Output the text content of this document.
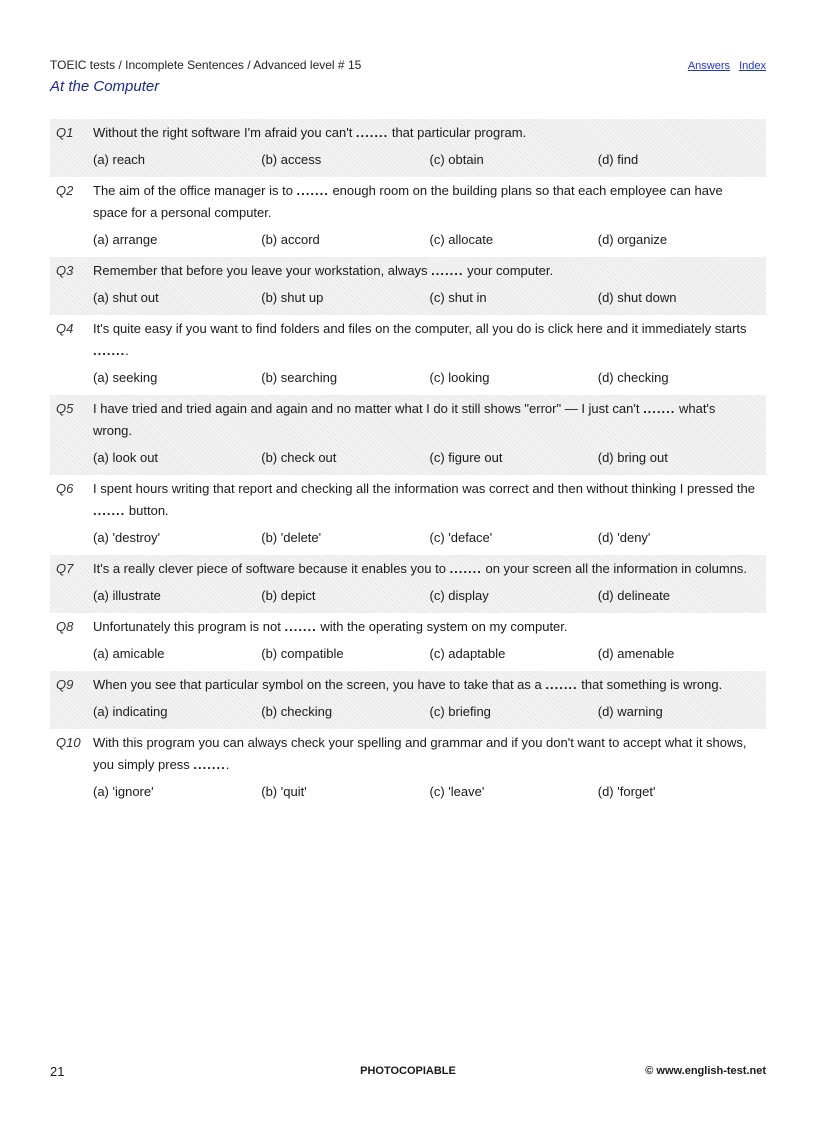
TOEIC tests / Incomplete Sentences / Advanced level # 15
At the Computer
Answers Index
Q1 Without the right software I'm afraid you can't ....... that particular program.
(a) reach	(b) access	(c) obtain	(d) find
Q2 The aim of the office manager is to ....... enough room on the building plans so that each employee can have space for a personal computer.
(a) arrange	(b) accord	(c) allocate	(d) organize
Q3 Remember that before you leave your workstation, always ....... your computer.
(a) shut out	(b) shut up	(c) shut in	(d) shut down
Q4 It's quite easy if you want to find folders and files on the computer, all you do is click here and it immediately starts ........
(a) seeking	(b) searching	(c) looking	(d) checking
Q5 I have tried and tried again and again and no matter what I do it still shows "error" — I just can't ....... what's wrong.
(a) look out	(b) check out	(c) figure out	(d) bring out
Q6 I spent hours writing that report and checking all the information was correct and then without thinking I pressed the ....... button.
(a) 'destroy'	(b) 'delete'	(c) 'deface'	(d) 'deny'
Q7 It's a really clever piece of software because it enables you to ....... on your screen all the information in columns.
(a) illustrate	(b) depict	(c) display	(d) delineate
Q8 Unfortunately this program is not ....... with the operating system on my computer.
(a) amicable	(b) compatible	(c) adaptable	(d) amenable
Q9 When you see that particular symbol on the screen, you have to take that as a ....... that something is wrong.
(a) indicating	(b) checking	(c) briefing	(d) warning
Q10 With this program you can always check your spelling and grammar and if you don't want to accept what it shows, you simply press ........
(a) 'ignore'	(b) 'quit'	(c) 'leave'	(d) 'forget'
21	PHOTOCOPIABLE	© www.english-test.net
